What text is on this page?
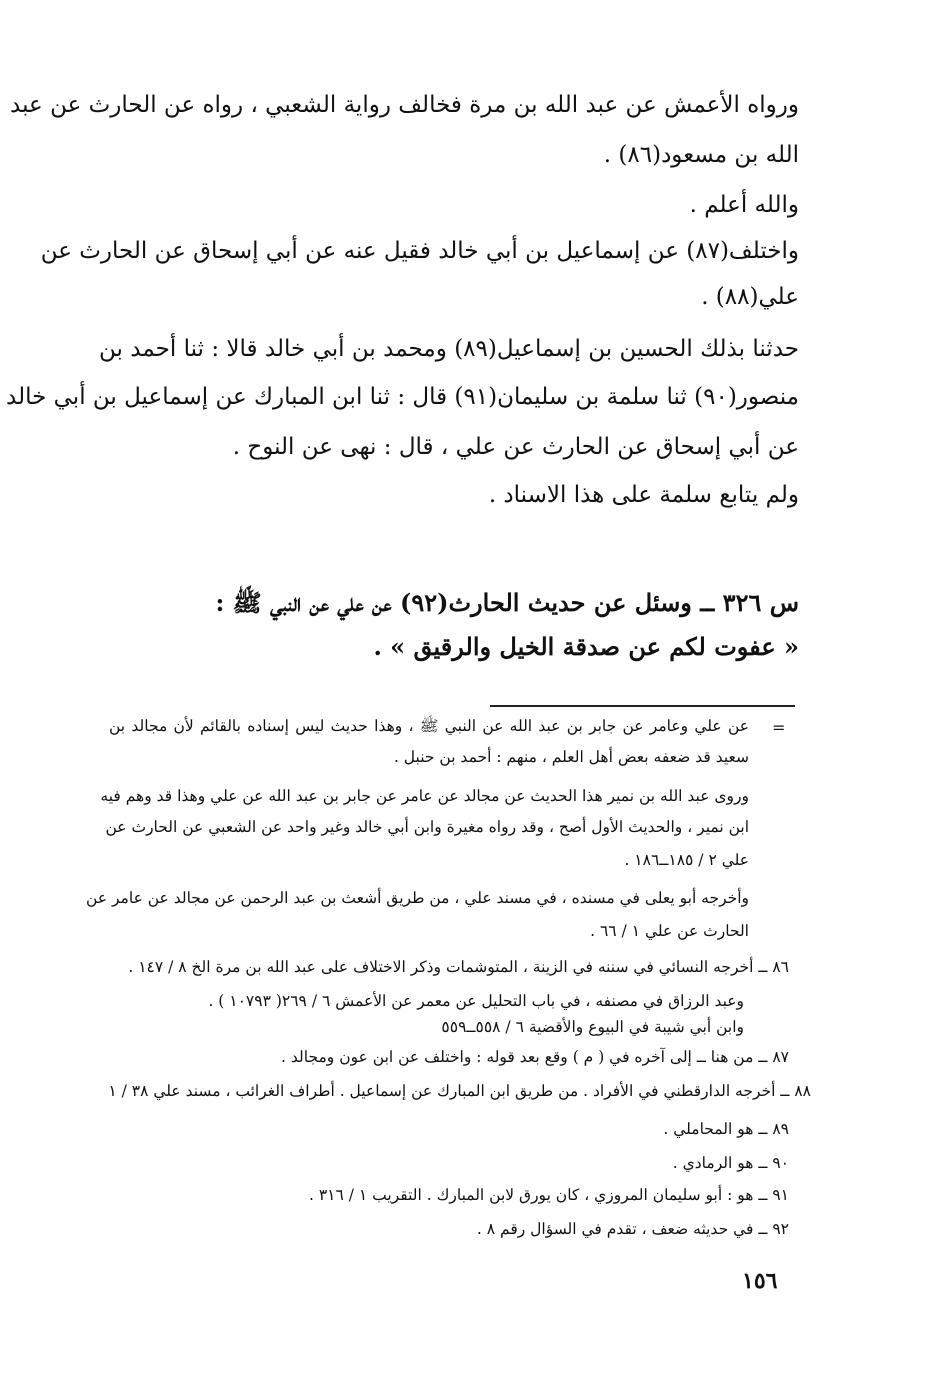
ورواه الأعمش عن عبد الله بن مرة فخالف رواية الشعبي ، رواه عن الحارث عن عبد
الله بن مسعود(٨٦) .
والله أعلم .
واختلف(٨٧) عن إسماعيل بن أبي خالد فقيل عنه عن أبي إسحاق عن الحارث عن
علي(٨٨) .
حدثنا بذلك الحسين بن إسماعيل(٨٩) ومحمد بن أبي خالد قالا : ثنا أحمد بن
منصور(٩٠) ثنا سلمة بن سليمان(٩١) قال : ثنا ابن المبارك عن إسماعيل بن أبي خالد
عن أبي إسحاق عن الحارث عن علي ، قال : نهى عن النوح .
ولم يتابع سلمة على هذا الاسناد .
س ٣٢٦ ــ وسئل عن حديث الحارث(٩٢) عن علي عن النبي ﷺ :
« عفوت لكم عن صدقة الخيل والرقيق » .
=
عن علي وعامر عن جابر بن عبد الله عن النبي ﷺ ، وهذا حديث ليس إسناده بالقائم لأن مجالد بن
سعيد قد ضعفه بعض أهل العلم ، منهم : أحمد بن حنبل .
وروى عبد الله بن نمير هذا الحديث عن مجالد عن عامر عن جابر بن عبد الله عن علي وهذا قد وهم فيه
ابن نمير ، والحديث الأول أصح ، وقد رواه مغيرة وابن أبي خالد وغير واحد عن الشعبي عن الحارث عن
علي ٢ / ١٨٥ــ١٨٦ .
وأخرجه أبو يعلى في مسنده ، في مسند علي ، من طريق أشعث بن عبد الرحمن عن مجالد عن عامر عن
الحارث عن علي ١ / ٦٦ .
٨٦ ــ أخرجه النسائي في سننه في الزينة ، المتوشمات وذكر الاختلاف على عبد الله بن مرة الخ ٨ / ١٤٧ .
وعبد الرزاق في مصنفه ، في باب التحليل عن معمر عن الأعمش ٦ / ٢٦٩( ١٠٧٩٣ ) .
وابن أبي شيبة في البيوع والأقضية ٦ / ٥٥٨ــ٥٥٩
٨٧ ــ من هنا ــ إلى آخره في ( م ) وقع بعد قوله : واختلف عن ابن عون ومجالد .
٨٨ ــ أخرجه الدارقطني في الأفراد . من طريق ابن المبارك عن إسماعيل . أطراف الغرائب ، مسند علي ٣٨ / ١
٨٩ ــ هو المحاملي .
٩٠ ــ هو الرمادي .
٩١ ــ هو : أبو سليمان المروزي ، كان يورق لابن المبارك . التقريب ١ / ٣١٦ .
٩٢ ــ في حديثه ضعف ، تقدم في السؤال رقم ٨ .
١٥٦
